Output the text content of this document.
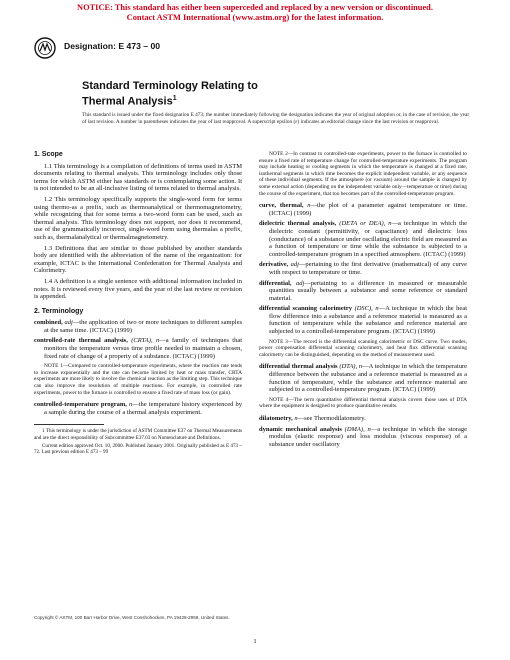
NOTICE: This standard has either been superceded and replaced by a new version or discontinued.
Contact ASTM International (www.astm.org) for the latest information.
Designation: E 473 – 00
Standard Terminology Relating to
Thermal Analysis$^1$
This standard is issued under the fixed designation E 473; the number immediately following the designation indicates the year of original adoption or, in the case of revision, the year of last revision. A number in parentheses indicates the year of last reapproval. A superscript epsilon (ε) indicates an editorial change since the last revision or reapproval.
1. Scope

1.1 This terminology is a compilation of definitions of terms used in ASTM documents relating to thermal analysis. This terminology includes only those terms for which ASTM either has standards or is contemplating some action. It is not intended to be an all-inclusive listing of terms related to thermal analysis.

1.2 This terminology specifically supports the single-word form for terms using thermo-as a prefix, such as thermoanalytical or thermomagnetometry, while recognizing that for some terms a two-word form can be used, such as thermal analysis. This terminology does not support, nor does it recommend, use of the grammatically incorrect, single-word form using thermalas a prefix, such as, thermalanalytical or thermalmagnetometry.

1.3 Definitions that are similar to those published by another standards body are identified with the abbreviation of the name of the organization: for example, ICTAC is the International Confederation for Thermal Analysis and Calorimetry.

1.4 A definition is a single sentence with additional information included in notes. It is reviewed every five years, and the year of the last review or revision is appended.

2. Terminology

combined, adj—the application of two or more techniques to different samples at the same time. (ICTAC) (1999)

controlled-rate thermal analysis, (CRTA), n—a family of techniques that monitors the temperature versus time profile needed to maintain a chosen, fixed rate of change of a property of a substance. (ICTAC) (1999)

NOTE 1—Compared to controlled-temperature experiments, where the reaction rate tends to increase exponentially and the rate can become limited by heat or mass transfer, CRTA experiments are more likely to involve the chemical reaction as the limiting step. This technique can also improve the resolution of multiple reactions. For example, in controlled rate experiments, power to the furnace is controlled to ensure a fixed rate of mass loss (or gain).

controlled-temperature program, n—the temperature history experienced by a sample during the course of a thermal analysis experiment.

1 This terminology is under the jurisdiction of ASTM Committee E37 on Thermal Measurements and are the direct responsibility of Subcommittee E37.03 on Nomenclature and Definitions.

Current edition approved Oct. 10, 2000. Published January 2001. Originally published as E 473 – 72. Last previous edition E 473 – 99

NOTE 2—In contrast to controlled-rate experiments, power to the furnace is controlled to ensure a fixed rate of temperature change for controlled-temperature experiments. The program may include heating or cooling segments in which the temperature is changed at a fixed rate, isothermal segments in which time becomes the explicit independent variable, or any sequence of these individual segments. If the atmosphere (or vacuum) around the sample is changed by some external action (depending on the independent variable only—temperature or time) during the course of the experiment, that too becomes part of the controlled-temperature program.

curve, thermal, n—the plot of a parameter against temperature or time. (ICTAC) (1999)

dielectric thermal analysis, (DETA or DEA), n—a technique in which the dielectric constant (permittivity, or capacitance) and dielectric loss (conductance) of a substance under oscillating electric field are measured as a function of temperature or time while the substance is subjected to a controlled-temperature program in a specified atmosphere. (ICTAC) (1999)

derivative, adj—pertaining to the first derivative (mathematical) of any curve with respect to temperature or time.

differential, adj—pertaining to a difference in measured or measurable quantities usually between a substance and some reference or standard material.

differential scanning calorimetry (DSC), n—A technique in which the heat flow difference into a substance and a reference material is measured as a function of temperature while the substance and reference material are subjected to a controlled-temperature program. (ICTAC) (1999)

NOTE 3—The record is the differential scanning calorimetric or DSC curve. Two modes, power compensation differential scanning calorimetry, and heat flux differential scanning calorimetry can be distinguished, depending on the method of measurement used.

differential thermal analysis (DTA), n—A technique in which the temperature difference between the substance and a reference material is measured as a function of temperature, while the substance and reference material are subjected to a controlled-temperature program. (ICTAC) (1999)

NOTE 4—The term quantitative differential thermal analysis covers those uses of DTA where the equipment is designed to produce quantitative results.

dilatometry, n—see Thermodilatometry.

dynamic mechanical analysis (DMA), n—a technique in which the storage modulus (elastic response) and loss modulus (viscous response) of a substance under oscillatory

Copyright © ASTM, 100 Barr Harbor Drive, West Conshohocken, PA 19428-2959, United States.
1
